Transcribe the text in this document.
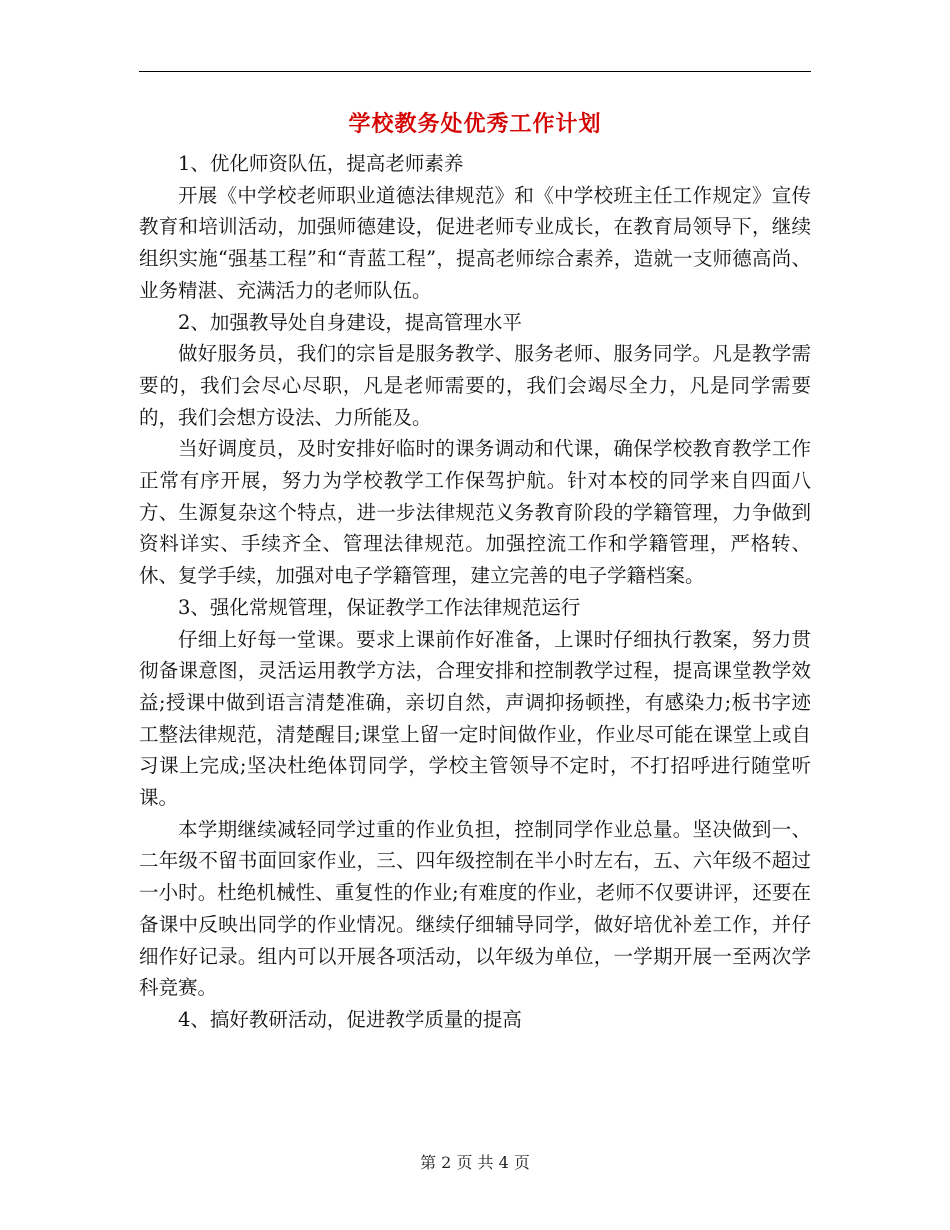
学校教务处优秀工作计划

1、优化师资队伍，提高老师素养

开展《中学校老师职业道德法律规范》和《中学校班主任工作规定》宣传教育和培训活动，加强师德建设，促进老师专业成长，在教育局领导下，继续组织实施“强基工程”和“青蓝工程”，提高老师综合素养，造就一支师德高尚、业务精湛、充满活力的老师队伍。

2、加强教导处自身建设，提高管理水平

做好服务员，我们的宗旨是服务教学、服务老师、服务同学。凡是教学需要的，我们会尽心尽职，凡是老师需要的，我们会竭尽全力，凡是同学需要的，我们会想方设法、力所能及。

当好调度员，及时安排好临时的课务调动和代课，确保学校教育教学工作正常有序开展，努力为学校教学工作保驾护航。针对本校的同学来自四面八方、生源复杂这个特点，进一步法律规范义务教育阶段的学籍管理，力争做到资料详实、手续齐全、管理法律规范。加强控流工作和学籍管理，严格转、休、复学手续，加强对电子学籍管理，建立完善的电子学籍档案。

3、强化常规管理，保证教学工作法律规范运行

仔细上好每一堂课。要求上课前作好准备，上课时仔细执行教案，努力贯彻备课意图，灵活运用教学方法，合理安排和控制教学过程，提高课堂教学效益;授课中做到语言清楚准确，亲切自然，声调抑扬顿挫，有感染力;板书字迹工整法律规范，清楚醒目;课堂上留一定时间做作业，作业尽可能在课堂上或自习课上完成;坚决杜绝体罚同学，学校主管领导不定时，不打招呼进行随堂听课。

本学期继续减轻同学过重的作业负担，控制同学作业总量。坚决做到一、二年级不留书面回家作业，三、四年级控制在半小时左右，五、六年级不超过一小时。杜绝机械性、重复性的作业;有难度的作业，老师不仅要讲评，还要在备课中反映出同学的作业情况。继续仔细辅导同学，做好培优补差工作，并仔细作好记录。组内可以开展各项活动，以年级为单位，一学期开展一至两次学科竞赛。

4、搞好教研活动，促进教学质量的提高

第 2 页 共 4 页
